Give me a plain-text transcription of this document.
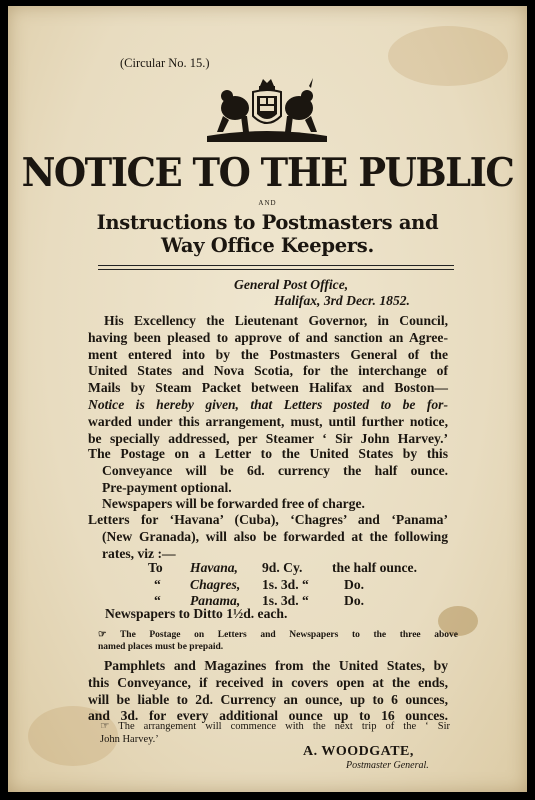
(Circular No. 15.)
NOTICE TO THE PUBLIC
AND
Instructions to Postmasters and
Way Office Keepers.
General Post Office,
Halifax, 3rd Decr. 1852.
His Excellency the Lieutenant Governor, in Council,
having been pleased to approve of and sanction an Agree-
ment entered into by the Postmasters General of the
United States and Nova Scotia, for the interchange of
Mails by Steam Packet between Halifax and Boston—
Notice is hereby given, that Letters posted to be for-
warded under this arrangement, must, until further notice,
be specially addressed, per Steamer ‘ Sir John Harvey.’
The Postage on a Letter to the United States by this
Conveyance will be 6d. currency the half ounce.
Pre-payment optional.
Newspapers will be forwarded free of charge.
Letters for ‘Havana’ (Cuba), ‘Chagres’ and ‘Panama’
(New Granada), will also be forwarded at the following
rates, viz :—
To	Havana,	9d. Cy.	the half ounce.
“	Chagres,	1s. 3d. “	Do.
“	Panama,	1s. 3d. “	Do.
Newspapers to Ditto 1½d. each.
☞ The Postage on Letters and Newspapers to the three above
named places must be prepaid.
Pamphlets and Magazines from the United States, by
this Conveyance, if received in covers open at the ends,
will be liable to 2d. Currency an ounce, up to 6 ounces,
and 3d. for every additional ounce up to 16 ounces.
☞ The arrangement will commence with the next trip of the ‘ Sir
John Harvey.’
A. WOODGATE,
Postmaster General.
